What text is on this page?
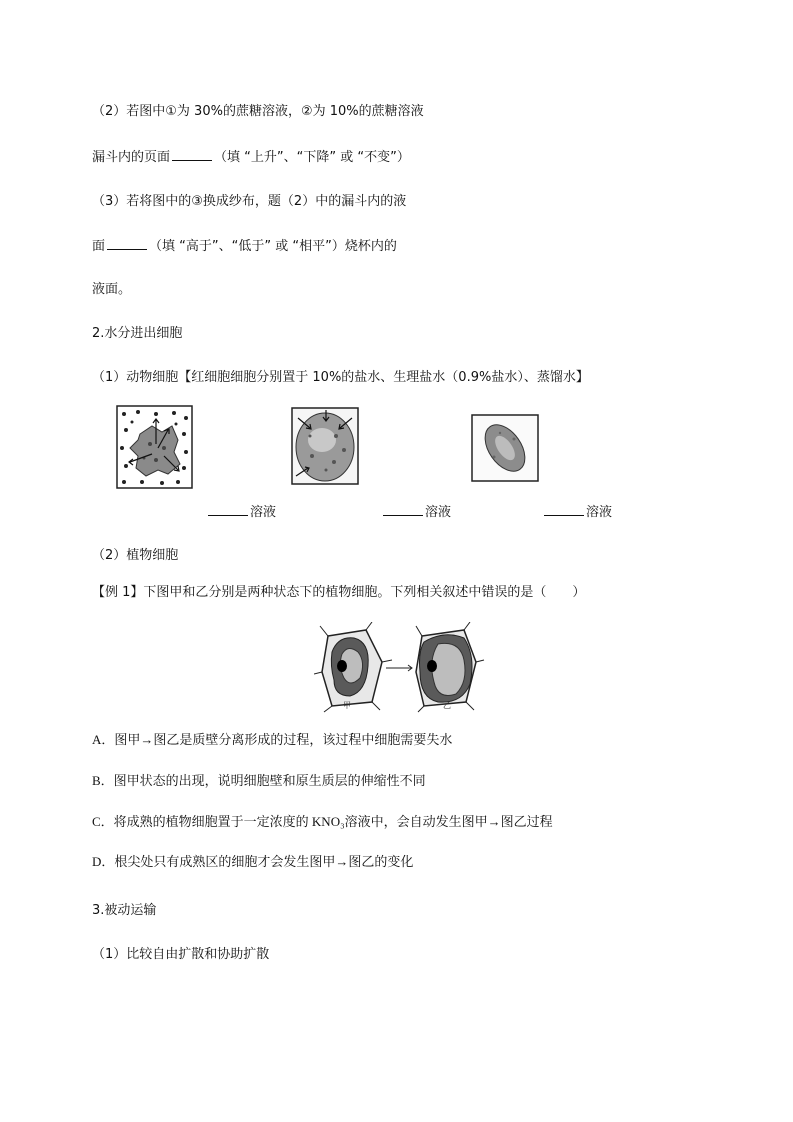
（2）若图中①为 30%的蔗糖溶液，②为 10%的蔗糖溶液
漏斗内的页面	（填 “上升”、“下降” 或 “不变”）
（3）若将图中的③换成纱布，题（2）中的漏斗内的液
面	（填 “高于”、“低于” 或 “相平”）烧杯内的
液面。
2.水分进出细胞
（1）动物细胞【红细胞细胞分别置于 10%的盐水、生理盐水（0.9%盐水）、蒸馏水】
溶液	溶液	溶液
（2）植物细胞
【例 1】下图甲和乙分别是两种状态下的植物细胞。下列相关叙述中错误的是（　　）
甲	乙
A．图甲→图乙是质壁分离形成的过程，该过程中细胞需要失水
B．图甲状态的出现，说明细胞壁和原生质层的伸缩性不同
C．将成熟的植物细胞置于一定浓度的 KNO₃溶液中，会自动发生图甲→图乙过程
D．根尖处只有成熟区的细胞才会发生图甲→图乙的变化
3.被动运输
（1）比较自由扩散和协助扩散
